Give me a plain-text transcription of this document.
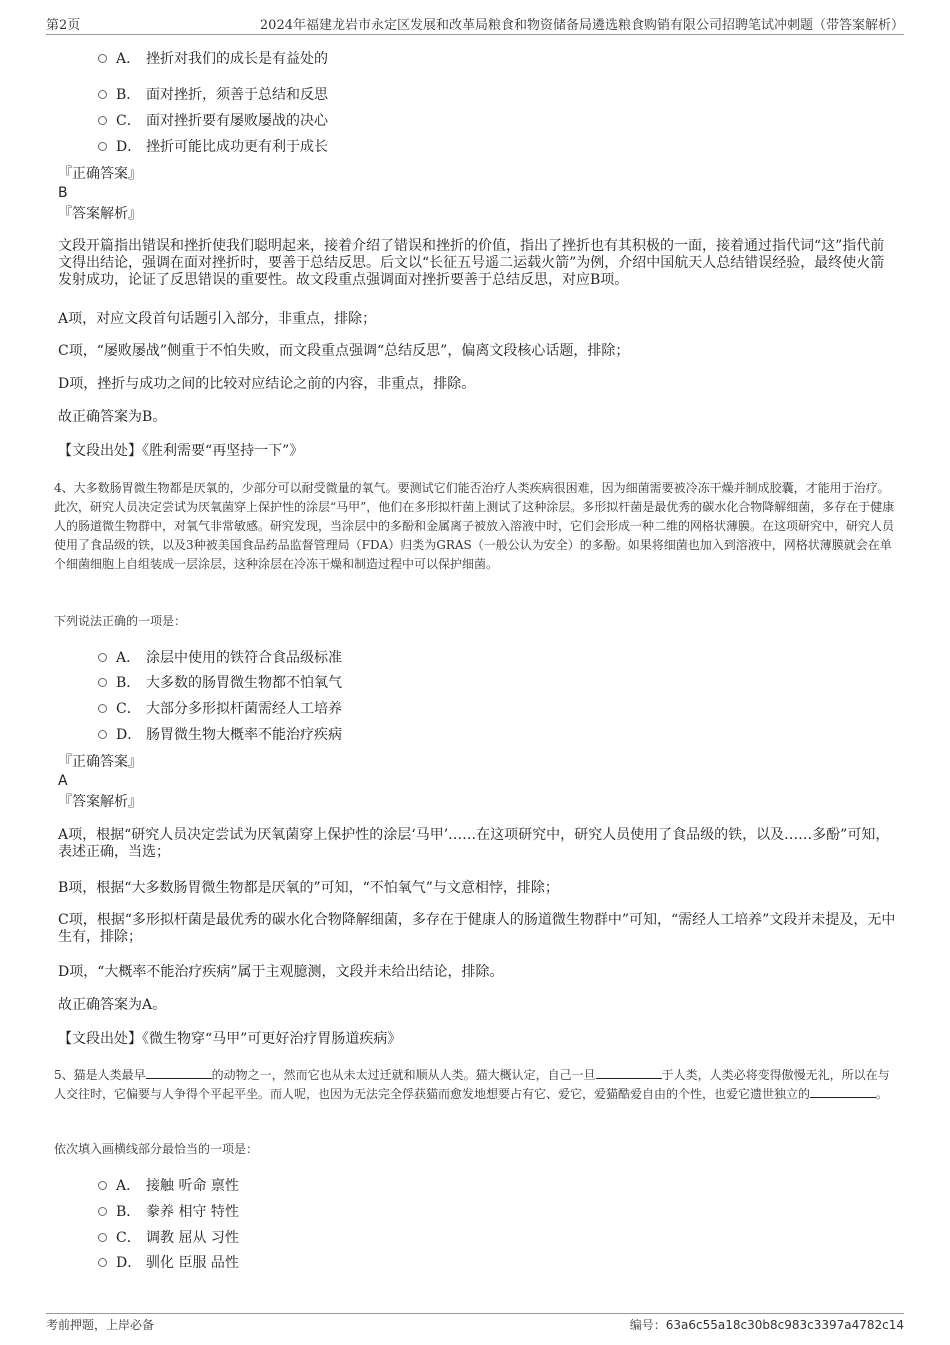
第2页	2024年福建龙岩市永定区发展和改革局粮食和物资储备局遴选粮食购销有限公司招聘笔试冲刺题（带答案解析）
A． 挫折对我们的成长是有益处的
B． 面对挫折，须善于总结和反思
C． 面对挫折要有屡败屡战的决心
D． 挫折可能比成功更有利于成长
『正确答案』
B
『答案解析』
文段开篇指出错误和挫折使我们聪明起来，接着介绍了错误和挫折的价值，指出了挫折也有其积极的一面，接着通过指代词“这”指代前文得出结论，强调在面对挫折时，要善于总结反思。后文以“长征五号遥二运载火箭”为例，介绍中国航天人总结错误经验，最终使火箭发射成功，论证了反思错误的重要性。故文段重点强调面对挫折要善于总结反思，对应B项。
A项，对应文段首句话题引入部分，非重点，排除；
C项，“屡败屡战”侧重于不怕失败，而文段重点强调“总结反思”，偏离文段核心话题，排除；
D项，挫折与成功之间的比较对应结论之前的内容，非重点，排除。
故正确答案为B。
【文段出处】《胜利需要“再坚持一下”》
4、大多数肠胃微生物都是厌氧的，少部分可以耐受微量的氧气。要测试它们能否治疗人类疾病很困难，因为细菌需要被冷冻干燥并制成胶囊，才能用于治疗。此次，研究人员决定尝试为厌氧菌穿上保护性的涂层“马甲”，他们在多形拟杆菌上测试了这种涂层。多形拟杆菌是最优秀的碳水化合物降解细菌，多存在于健康人的肠道微生物群中，对氧气非常敏感。研究发现，当涂层中的多酚和金属离子被放入溶液中时，它们会形成一种二维的网格状薄膜。在这项研究中，研究人员使用了食品级的铁，以及3种被美国食品药品监督管理局（FDA）归类为GRAS（一般公认为安全）的多酚。如果将细菌也加入到溶液中，网格状薄膜就会在单个细菌细胞上自组装成一层涂层，这种涂层在冷冻干燥和制造过程中可以保护细菌。
下列说法正确的一项是：
A． 涂层中使用的铁符合食品级标准
B． 大多数的肠胃微生物都不怕氧气
C． 大部分多形拟杆菌需经人工培养
D． 肠胃微生物大概率不能治疗疾病
『正确答案』
A
『答案解析』
A项，根据“研究人员决定尝试为厌氧菌穿上保护性的涂层‘马甲’……在这项研究中，研究人员使用了食品级的铁，以及……多酚”可知，表述正确，当选；
B项，根据“大多数肠胃微生物都是厌氧的”可知，“不怕氧气”与文意相悖，排除；
C项，根据“多形拟杆菌是最优秀的碳水化合物降解细菌，多存在于健康人的肠道微生物群中”可知，“需经人工培养”文段并未提及，无中生有，排除；
D项，“大概率不能治疗疾病”属于主观臆测，文段并未给出结论，排除。
故正确答案为A。
【文段出处】《微生物穿“马甲”可更好治疗胃肠道疾病》
5、猫是人类最早	的动物之一，然而它也从未太过迁就和顺从人类。猫大概认定，自己一旦	于人类，人类必将变得傲慢无礼，所以在与人交往时，它偏要与人争得个平起平坐。而人呢，也因为无法完全俘获猫而愈发地想要占有它、爱它，爱猫酷爱自由的个性，也爱它遗世独立的	。
依次填入画横线部分最恰当的一项是：
A． 接触 听命 禀性
B． 豢养 相守 特性
C． 调教 屈从 习性
D． 驯化 臣服 品性
考前押题，上岸必备	编号：63a6c55a18c30b8c983c3397a4782c14
